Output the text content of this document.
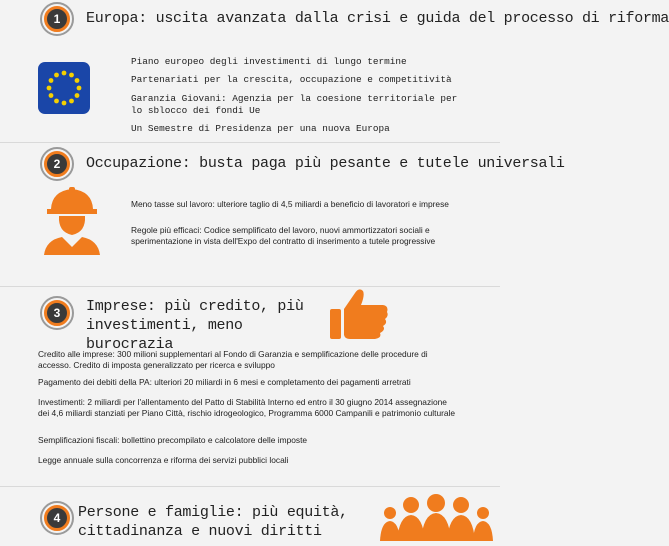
1	Europa: uscita avanzata dalla crisi e guida del processo di riforma
Piano europeo degli investimenti di lungo termine
Partenariati per la crescita, occupazione e competitività
Garanzia Giovani: Agenzia per la coesione territoriale per lo sblocco dei fondi Ue
Un Semestre di Presidenza per una nuova Europa
2	Occupazione: busta paga più pesante e tutele universali
Meno tasse sul lavoro: ulteriore taglio di 4,5 miliardi a beneficio di lavoratori e imprese
Regole più efficaci: Codice semplificato del lavoro, nuovi ammortizzatori sociali e sperimentazione in vista dell'Expo del contratto di inserimento a tutele progressive
3	Imprese: più credito, più investimenti, meno burocrazia
Credito alle imprese: 300 milioni supplementari al Fondo di Garanzia e semplificazione delle procedure di accesso. Credito di imposta generalizzato per ricerca e sviluppo
Pagamento dei debiti della PA: ulteriori 20 miliardi in 6 mesi e completamento dei pagamenti arretrati
Investimenti: 2 miliardi per l'allentamento del Patto di Stabilità Interno ed entro il 30 giugno 2014 assegnazione dei 4,6 miliardi stanziati per Piano Città, rischio idrogeologico, Programma 6000 Campanili e patrimonio culturale
Semplificazioni fiscali: bollettino precompilato e calcolatore delle imposte
Legge annuale sulla concorrenza e riforma dei servizi pubblici locali
4	Persone e famiglie: più equità, cittadinanza e nuovi diritti
